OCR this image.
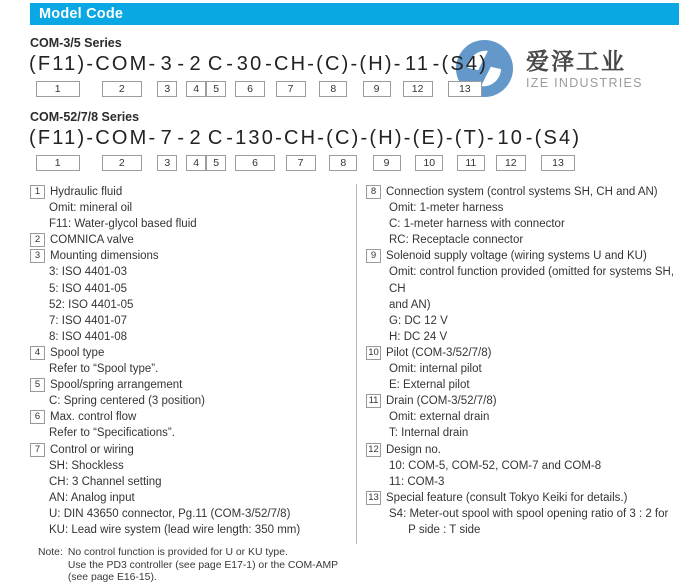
Model Code
爱泽工业
IZE INDUSTRIES
COM-3/5 Series
(F11)
1
- COM
2
- 3
3
- 2
4
C
5
- 30
6
- CH
7
- (C)
8
- (H)
9
- 11
12
- (S4)
13
COM-52/7/8 Series
(F11)
1
- COM
2
- 7
3
- 2
4
C
5
- 130
6
- CH
7
- (C)
8
- (H)
9
- (E)
10
- (T)
11
- 10
12
- (S4)
13
1 Hydraulic fluid
Omit: mineral oil
F11: Water-glycol based fluid
2 COMNICA valve
3 Mounting dimensions
3: ISO 4401-03
5: ISO 4401-05
52: ISO 4401-05
7: ISO 4401-07
8: ISO 4401-08
4 Spool type
Refer to “Spool type”.
5 Spool/spring arrangement
C: Spring centered (3 position)
6 Max. control flow
Refer to “Specifications”.
7 Control or wiring
SH: Shockless
CH: 3 Channel setting
AN: Analog input
U: DIN 43650 connector, Pg.11 (COM-3/52/7/8)
KU: Lead wire system (lead wire length: 350 mm)
Note: No control function is provided for U or KU type.
Use the PD3 controller (see page E17-1) or the COM-AMP
(see page E16-15).
8 Connection system (control systems SH, CH and AN)
Omit: 1-meter harness
C: 1-meter harness with connector
RC: Receptacle connector
9 Solenoid supply voltage (wiring systems U and KU)
Omit: control function provided (omitted for systems SH, CH
and AN)
G: DC 12 V
H: DC 24 V
10 Pilot (COM-3/52/7/8)
Omit: internal pilot
E: External pilot
11 Drain (COM-3/52/7/8)
Omit: external drain
T: Internal drain
12 Design no.
10: COM-5, COM-52, COM-7 and COM-8
11: COM-3
13 Special feature (consult Tokyo Keiki for details.)
S4: Meter-out spool with spool opening ratio of 3 : 2 for
P side : T side
